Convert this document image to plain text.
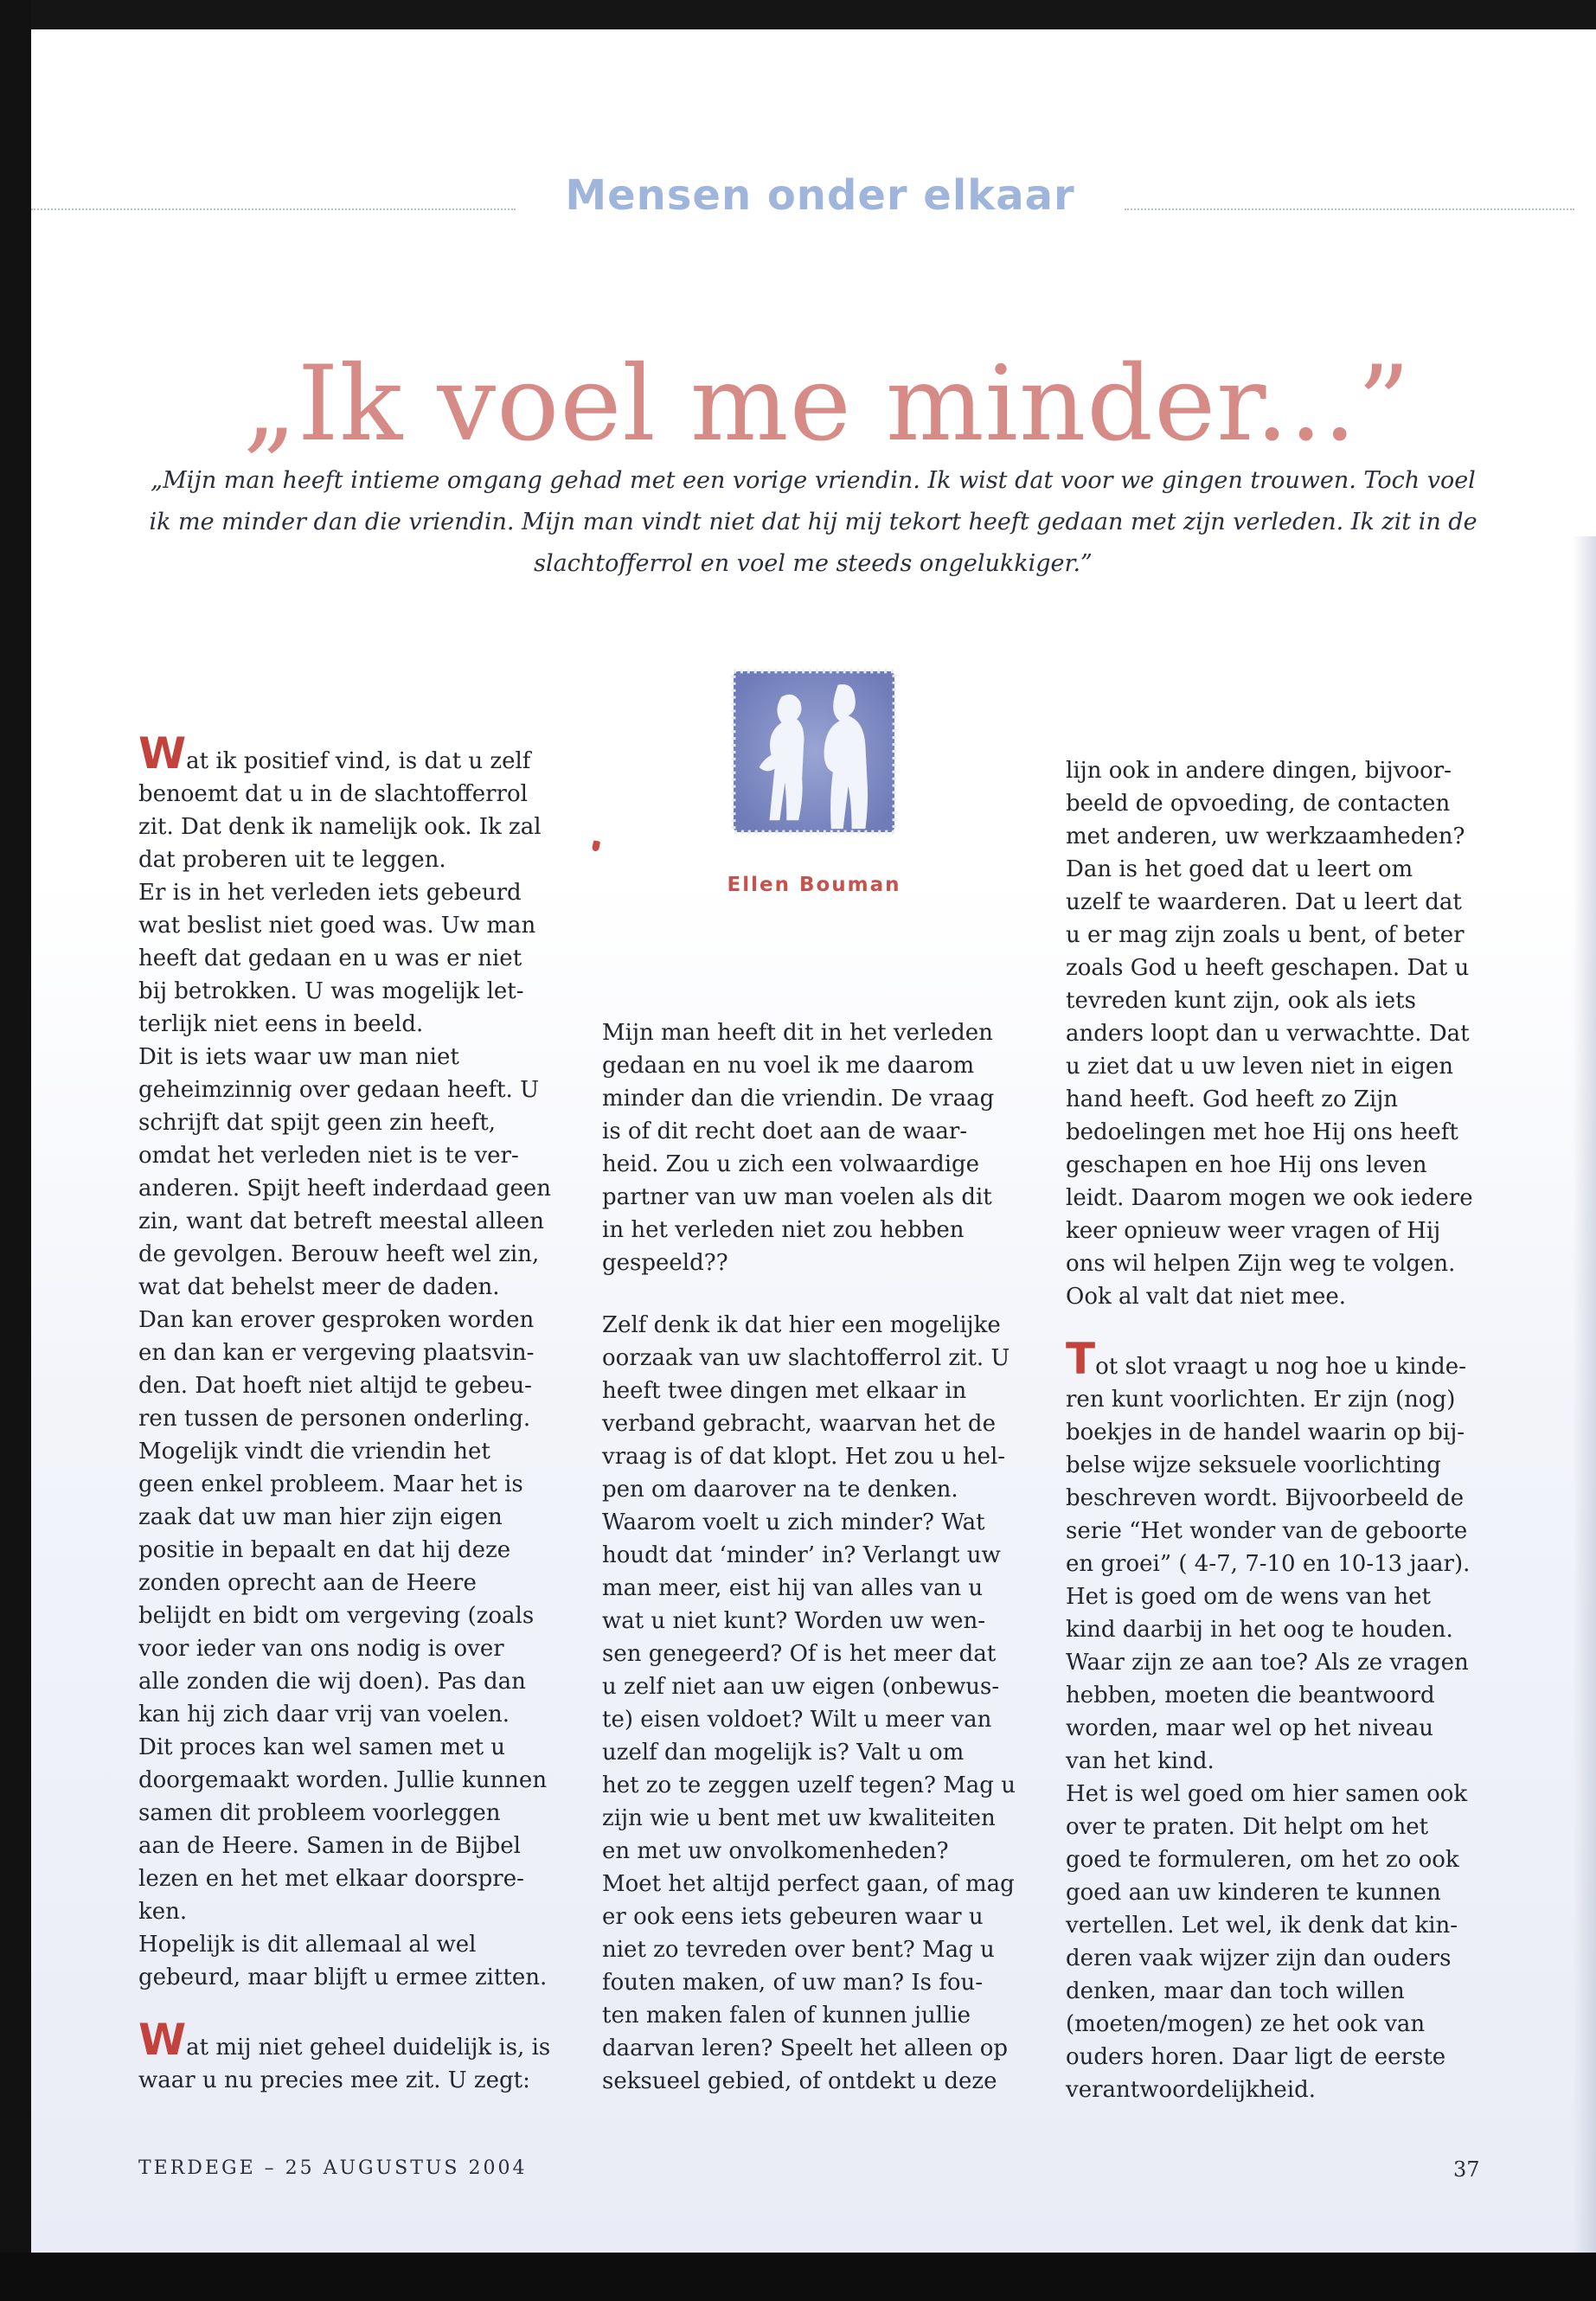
Mensen onder elkaar
„Ik voel me minder...”
„Mijn man heeft intieme omgang gehad met een vorige vriendin. Ik wist dat voor we gingen trouwen. Toch voel
ik me minder dan die vriendin. Mijn man vindt niet dat hij mij tekort heeft gedaan met zijn verleden. Ik zit in de
slachtofferrol en voel me steeds ongelukkiger.”

Ellen Bouman

Wat ik positief vind, is dat u zelf

benoemt dat u in de slachtofferrol

zit. Dat denk ik namelijk ook. Ik zal

dat proberen uit te leggen.

Er is in het verleden iets gebeurd

wat beslist niet goed was. Uw man

heeft dat gedaan en u was er niet

bij betrokken. U was mogelijk let-

terlijk niet eens in beeld.

Dit is iets waar uw man niet

geheimzinnig over gedaan heeft. U

schrijft dat spijt geen zin heeft,

omdat het verleden niet is te ver-

anderen. Spijt heeft inderdaad geen

zin, want dat betreft meestal alleen

de gevolgen. Berouw heeft wel zin,

wat dat behelst meer de daden.

Dan kan erover gesproken worden

en dan kan er vergeving plaatsvin-

den. Dat hoeft niet altijd te gebeu-

ren tussen de personen onderling.

Mogelijk vindt die vriendin het

geen enkel probleem. Maar het is

zaak dat uw man hier zijn eigen

positie in bepaalt en dat hij deze

zonden oprecht aan de Heere

belijdt en bidt om vergeving (zoals

voor ieder van ons nodig is over

alle zonden die wij doen). Pas dan

kan hij zich daar vrij van voelen.

Dit proces kan wel samen met u

doorgemaakt worden. Jullie kunnen

samen dit probleem voorleggen

aan de Heere. Samen in de Bijbel

lezen en het met elkaar doorspre-

ken.

Hopelijk is dit allemaal al wel

gebeurd, maar blijft u ermee zitten.

Wat mij niet geheel duidelijk is, is

waar u nu precies mee zit. U zegt:

Mijn man heeft dit in het verleden

gedaan en nu voel ik me daarom

minder dan die vriendin. De vraag

is of dit recht doet aan de waar-

heid. Zou u zich een volwaardige

partner van uw man voelen als dit

in het verleden niet zou hebben

gespeeld??

Zelf denk ik dat hier een mogelijke

oorzaak van uw slachtofferrol zit. U

heeft twee dingen met elkaar in

verband gebracht, waarvan het de

vraag is of dat klopt. Het zou u hel-

pen om daarover na te denken.

Waarom voelt u zich minder? Wat

houdt dat ‘minder’ in? Verlangt uw

man meer, eist hij van alles van u

wat u niet kunt? Worden uw wen-

sen genegeerd? Of is het meer dat

u zelf niet aan uw eigen (onbewus-

te) eisen voldoet? Wilt u meer van

uzelf dan mogelijk is? Valt u om

het zo te zeggen uzelf tegen? Mag u

zijn wie u bent met uw kwaliteiten

en met uw onvolkomenheden?

Moet het altijd perfect gaan, of mag

er ook eens iets gebeuren waar u

niet zo tevreden over bent? Mag u

fouten maken, of uw man? Is fou-

ten maken falen of kunnen jullie

daarvan leren? Speelt het alleen op

seksueel gebied, of ontdekt u deze

lijn ook in andere dingen, bijvoor-

beeld de opvoeding, de contacten

met anderen, uw werkzaamheden?

Dan is het goed dat u leert om

uzelf te waarderen. Dat u leert dat

u er mag zijn zoals u bent, of beter

zoals God u heeft geschapen. Dat u

tevreden kunt zijn, ook als iets

anders loopt dan u verwachtte. Dat

u ziet dat u uw leven niet in eigen

hand heeft. God heeft zo Zijn

bedoelingen met hoe Hij ons heeft

geschapen en hoe Hij ons leven

leidt. Daarom mogen we ook iedere

keer opnieuw weer vragen of Hij

ons wil helpen Zijn weg te volgen.

Ook al valt dat niet mee.

Tot slot vraagt u nog hoe u kinde-

ren kunt voorlichten. Er zijn (nog)

boekjes in de handel waarin op bij-

belse wijze seksuele voorlichting

beschreven wordt. Bijvoorbeeld de

serie “Het wonder van de geboorte

en groei” ( 4-7, 7-10 en 10-13 jaar).

Het is goed om de wens van het

kind daarbij in het oog te houden.

Waar zijn ze aan toe? Als ze vragen

hebben, moeten die beantwoord

worden, maar wel op het niveau

van het kind.

Het is wel goed om hier samen ook

over te praten. Dit helpt om het

goed te formuleren, om het zo ook

goed aan uw kinderen te kunnen

vertellen. Let wel, ik denk dat kin-

deren vaak wijzer zijn dan ouders

denken, maar dan toch willen

(moeten/mogen) ze het ook van

ouders horen. Daar ligt de eerste

verantwoordelijkheid.

TERDEGE – 25 AUGUSTUS 2004	37
